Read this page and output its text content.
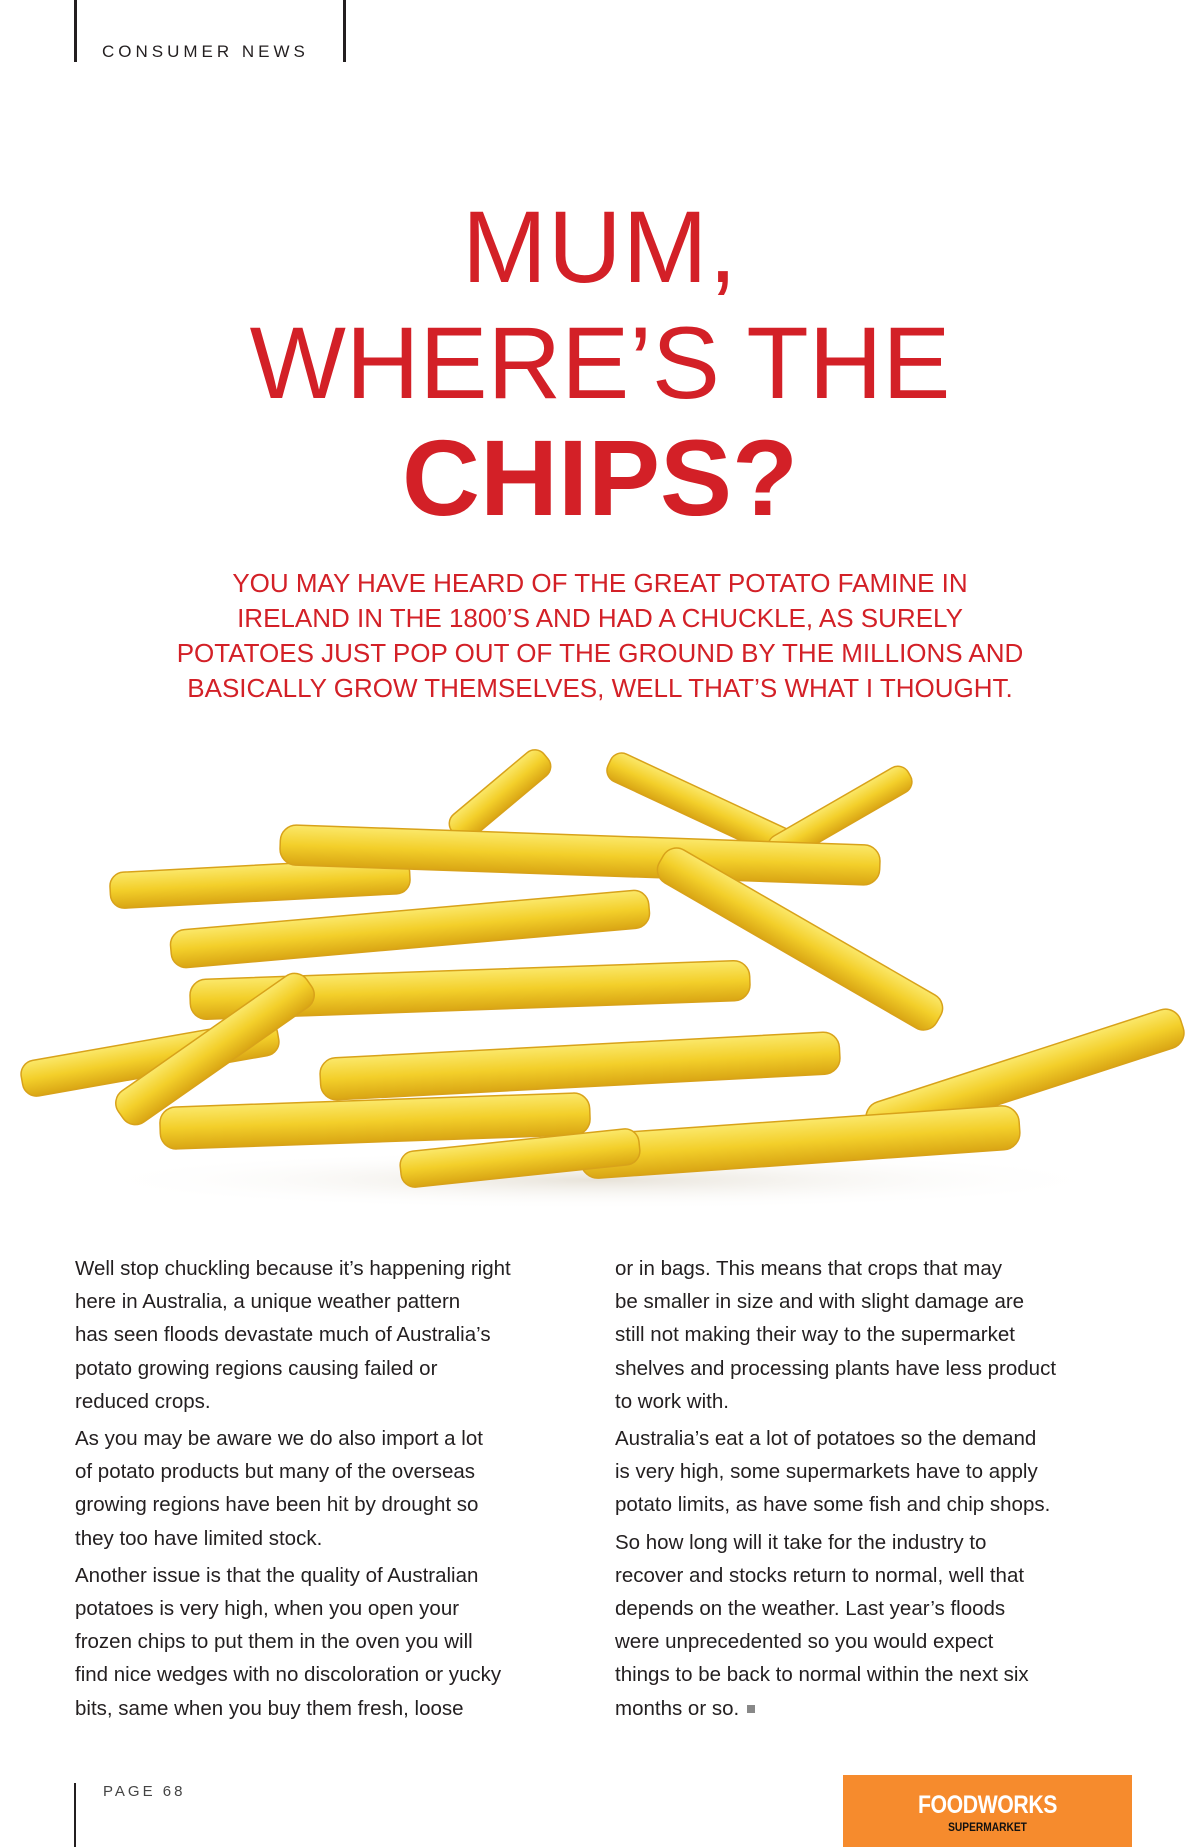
CONSUMER NEWS
MUM,
WHERE’S THE
CHIPS?
YOU MAY HAVE HEARD OF THE GREAT POTATO FAMINE IN
IRELAND IN THE 1800’S AND HAD A CHUCKLE, AS SURELY
POTATOES JUST POP OUT OF THE GROUND BY THE MILLIONS AND
BASICALLY GROW THEMSELVES, WELL THAT’S WHAT I THOUGHT.
Well stop chuckling because it’s happening right
here in Australia, a unique weather pattern
has seen floods devastate much of Australia’s
potato growing regions causing failed or
reduced crops.
As you may be aware we do also import a lot
of potato products but many of the overseas
growing regions have been hit by drought so
they too have limited stock.
Another issue is that the quality of Australian
potatoes is very high, when you open your
frozen chips to put them in the oven you will
find nice wedges with no discoloration or yucky
bits, same when you buy them fresh, loose
or in bags. This means that crops that may
be smaller in size and with slight damage are
still not making their way to the supermarket
shelves and processing plants have less product
to work with.
Australia’s eat a lot of potatoes so the demand
is very high, some supermarkets have to apply
potato limits, as have some fish and chip shops.
So how long will it take for the industry to
recover and stocks return to normal, well that
depends on the weather. Last year’s floods
were unprecedented so you would expect
things to be back to normal within the next six
months or so.
PAGE 68	FOODWORKS
SUPERMARKET
